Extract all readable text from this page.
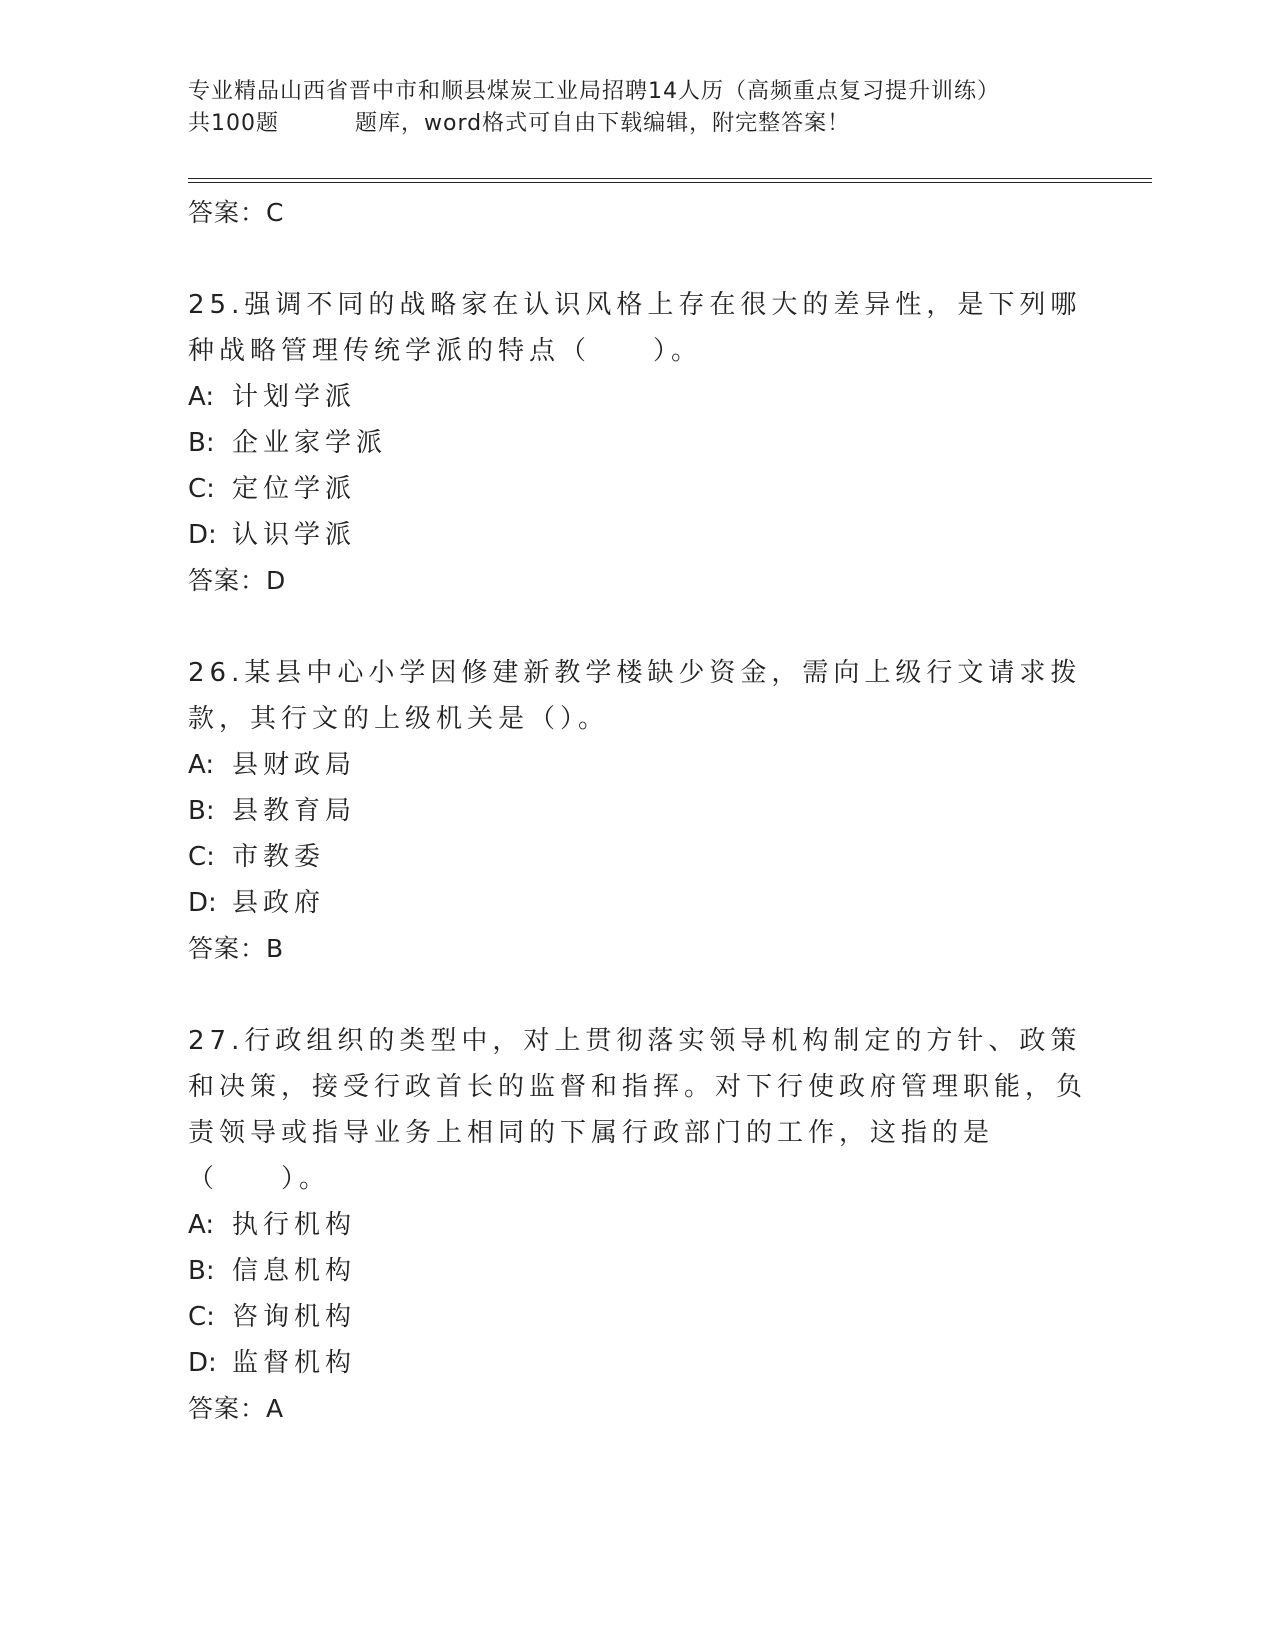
专业精品山西省晋中市和顺县煤炭工业局招聘14人历（高频重点复习提升训练）
共100题	题库，word格式可自由下载编辑，附完整答案！
答案：C
25.强调不同的战略家在认识风格上存在很大的差异性，是下列哪种战略管理传统学派的特点（　　）。
A: 计划学派
B: 企业家学派
C: 定位学派
D: 认识学派
答案：D
26.某县中心小学因修建新教学楼缺少资金，需向上级行文请求拨款，其行文的上级机关是（）。
A: 县财政局
B: 县教育局
C: 市教委
D: 县政府
答案：B
27.行政组织的类型中，对上贯彻落实领导机构制定的方针、政策和决策，接受行政首长的监督和指挥。对下行使政府管理职能，负责领导或指导业务上相同的下属行政部门的工作，这指的是（　　）。
A: 执行机构
B: 信息机构
C: 咨询机构
D: 监督机构
答案：A
